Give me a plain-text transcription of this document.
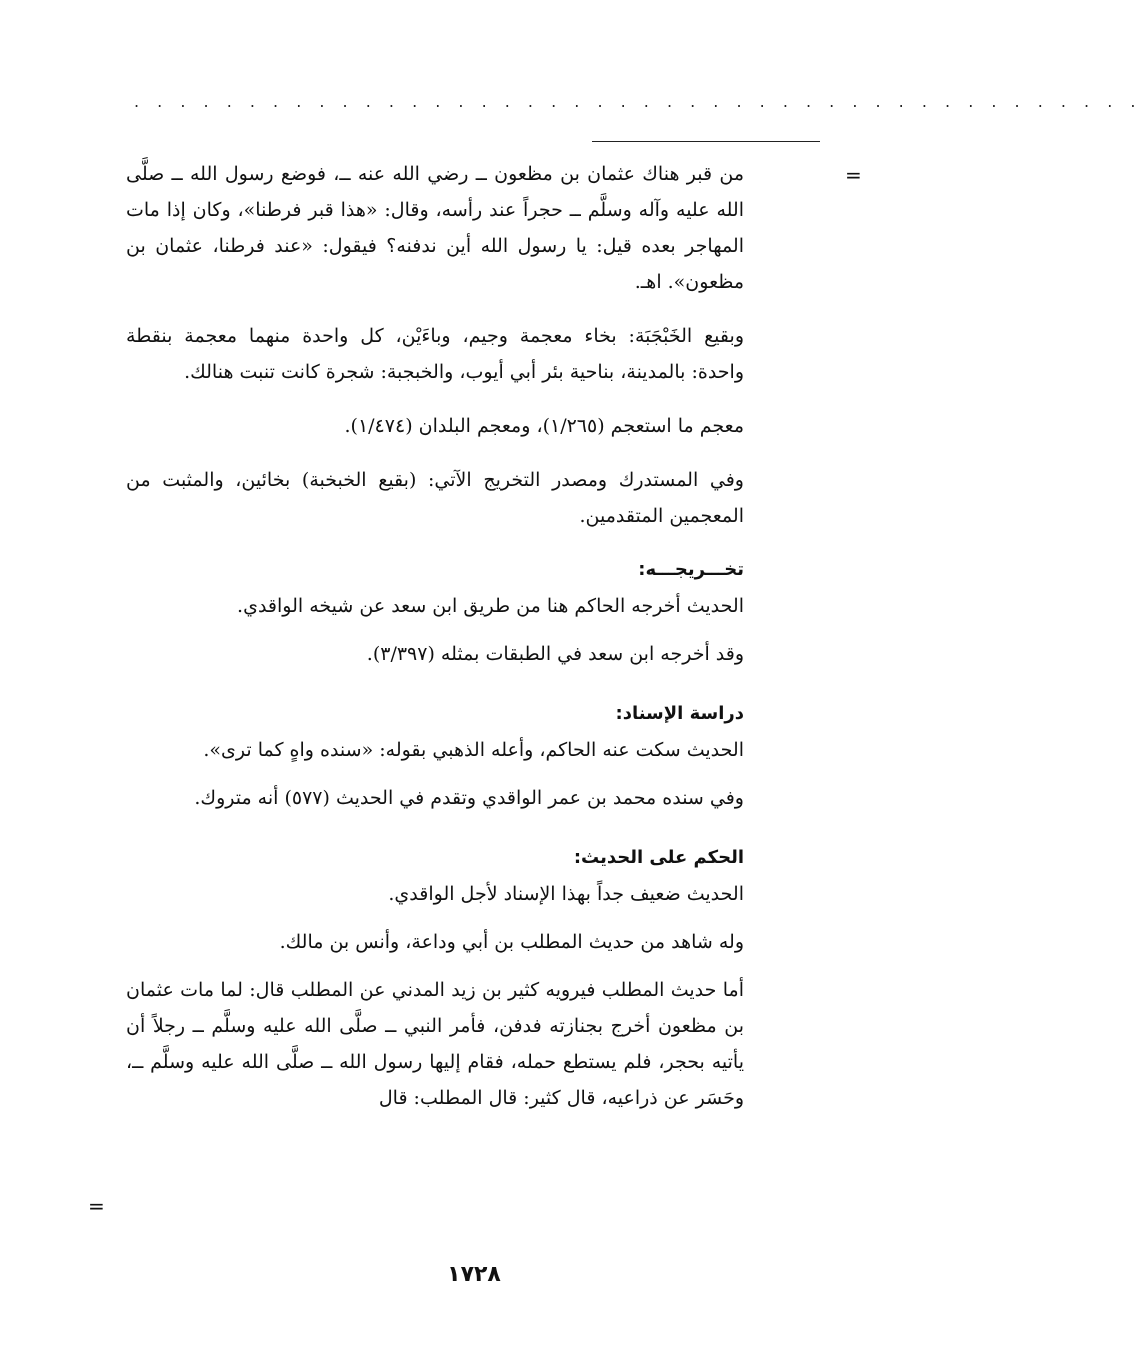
. . . . . . . . . . . . . . . . . . . . . . . . . . . . . . . . . . . . . . . . . . . .
=

من قبر هناك عثمان بن مظعون ــ رضي الله عنه ــ، فوضع رسول الله ــ صلَّى الله عليه وآله وسلَّم ــ حجراً عند رأسه، وقال: «هذا قبر فرطنا»، وكان إذا مات المهاجر بعده قيل: يا رسول الله أين ندفنه؟ فيقول: «عند فرطنا، عثمان بن مظعون». اهـ.

وبقيع الخَبْجَبَة: بخاء معجمة وجيم، وباءَيْن، كل واحدة منهما معجمة بنقطة واحدة: بالمدينة، بناحية بئر أبي أيوب، والخبجبة: شجرة كانت تنبت هنالك.

معجم ما استعجم (١/٢٦٥)، ومعجم البلدان (١/٤٧٤).

وفي المستدرك ومصدر التخريج الآتي: (بقيع الخبخبة) بخائين، والمثبت من المعجمين المتقدمين.

تخـــريجـــه:

الحديث أخرجه الحاكم هنا من طريق ابن سعد عن شيخه الواقدي.

وقد أخرجه ابن سعد في الطبقات بمثله (٣/٣٩٧).

دراسة الإسناد:

الحديث سكت عنه الحاكم، وأعله الذهبي بقوله: «سنده واهٍ كما ترى».

وفي سنده محمد بن عمر الواقدي وتقدم في الحديث (٥٧٧) أنه متروك.

الحكم على الحديث:

الحديث ضعيف جداً بهذا الإسناد لأجل الواقدي.

وله شاهد من حديث المطلب بن أبي وداعة، وأنس بن مالك.

أما حديث المطلب فيرويه كثير بن زيد المدني عن المطلب قال: لما مات عثمان بن مظعون أخرج بجنازته فدفن، فأمر النبي ــ صلَّى الله عليه وسلَّم ــ رجلاً أن يأتيه بحجر، فلم يستطع حمله، فقام إليها رسول الله ــ صلَّى الله عليه وسلَّم ــ، وحَسَر عن ذراعيه، قال كثير: قال المطلب: قال

=
١٧٢٨
